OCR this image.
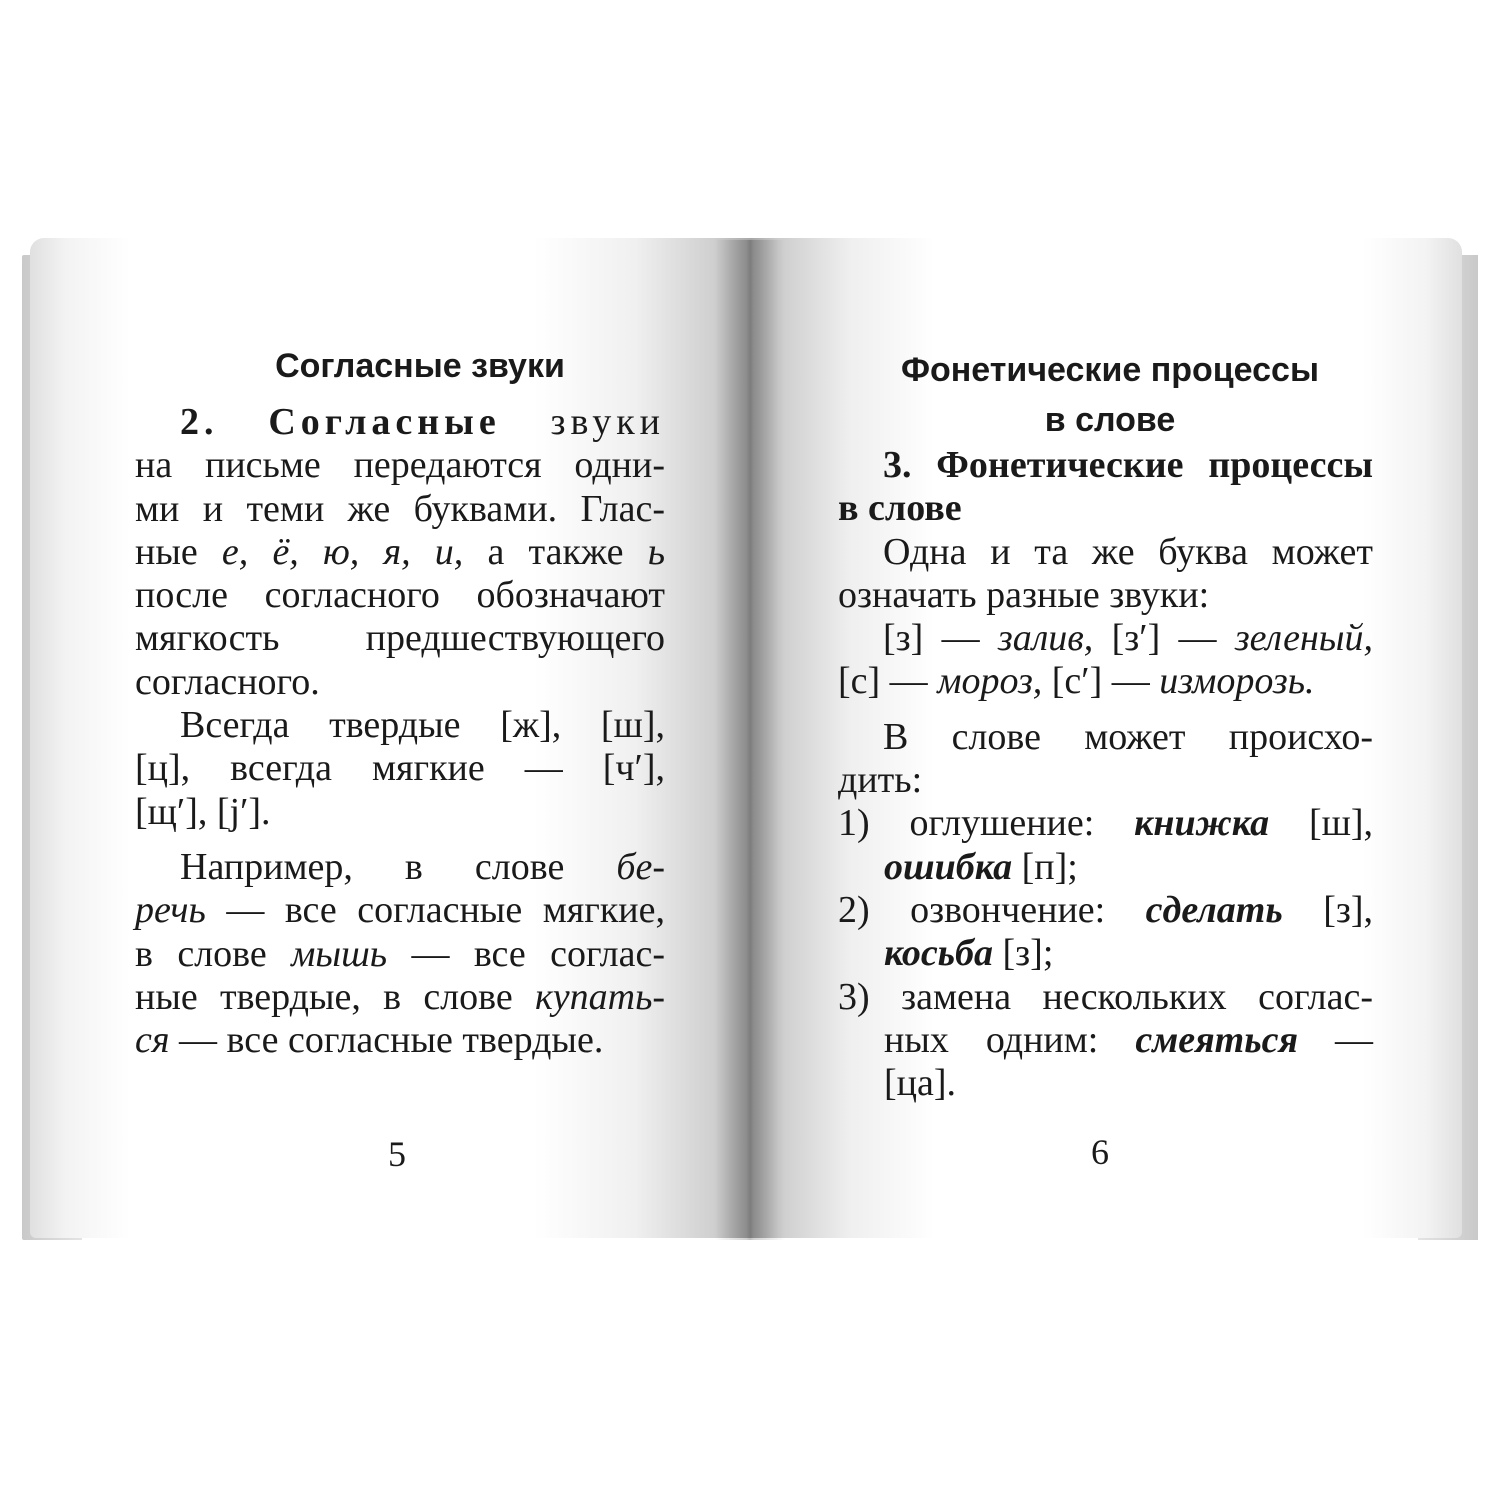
Согласные звуки
2. Согласные звуки
на письме передаются одни-
ми и теми же буквами. Глас-
ные е, ё, ю, я, и, а также ь
после согласного обозначают
мягкость предшествующего
согласного.
Всегда твердые [ж], [ш],
[ц], всегда мягкие — [ч′],
[щ′], [j′].
Например, в слове бе-
речь — все согласные мягкие,
в слове мышь — все соглас-
ные твердые, в слове купать-
ся — все согласные твердые.
5
Фонетические процессы
в слове
3. Фонетические процессы
в слове
Одна и та же буква может
означать разные звуки:
[з] — залив, [з′] — зеленый,
[с] — мороз, [с′] — изморозь.
В слове может происхо-
дить:
1) оглушение: книжка [ш],
ошибка [п];
2) озвончение: сделать [з],
косьба [з];
3) замена нескольких соглас-
ных одним: смеяться —
[ца].
6
